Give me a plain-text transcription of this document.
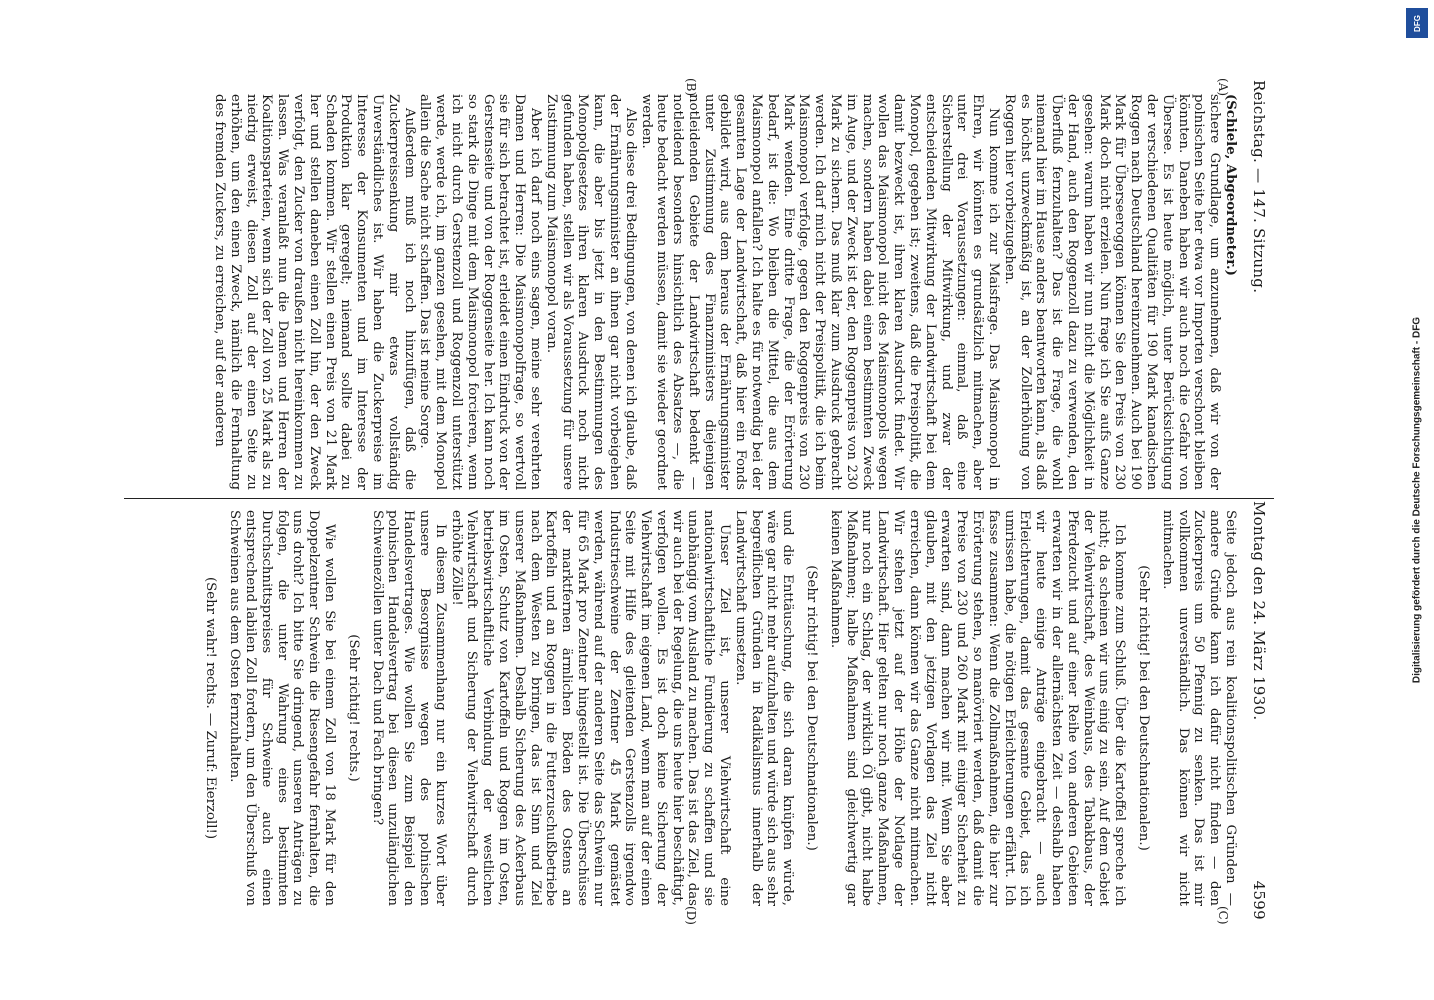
Reichstag. — 147. Sitzung.
Montag den 24. März 1930.  4599
(A)
(B)
(C)
(D)

(Schiele, Abgeordneter.)

sichere Grundlage, um anzunehmen, daß wir von der polnischen Seite her etwa vor Importen verschont bleiben könnten. Daneben haben wir auch noch die Gefahr von Übersee. Es ist heute möglich, unter Berücksichtigung der verschiedenen Qualitäten für 190 Mark kanadischen Roggen nach Deutschland hereinzunehmen. Auch bei 190 Mark für Überseeroggen können Sie den Preis von 230 Mark doch nicht erzielen. Nun frage ich Sie aufs Ganze gesehen: warum haben wir nun nicht die Möglichkeit in der Hand, auch den Roggenzoll dazu zu verwenden, den Überfluß fernzuhalten? Das ist die Frage, die wohl niemand hier im Hause anders beantworten kann, als daß es höchst unzweckmäßig ist, an der Zollerhöhung von Roggen hier vorbeizugehen.

Nun komme ich zur Maisfrage. Das Maismonopol in Ehren, wir könnten es grundsätzlich mitmachen, aber unter drei Voraussetzungen: einmal, daß eine Sicherstellung der Mitwirkung, und zwar der entscheidenden Mitwirkung der Landwirtschaft bei dem Monopol, gegeben ist; zweitens, daß die Preispolitik, die damit bezweckt ist, ihren klaren Ausdruck findet. Wir wollen das Maismonopol nicht des Maismonopols wegen machen, sondern haben dabei einen bestimmten Zweck im Auge, und der Zweck ist der, den Roggenpreis von 230 Mark zu sichern. Das muß klar zum Ausdruck gebracht werden. Ich darf mich nicht der Preispolitik, die ich beim Maismonopol verfolge, gegen den Roggenpreis von 230 Mark wenden. Eine dritte Frage, die der Erörterung bedarf, ist die: Wo bleiben die Mittel, die aus dem Maismonopol anfallen? Ich halte es für notwendig bei der gesamten Lage der Landwirtschaft, daß hier ein Fonds gebildet wird, aus dem heraus der Ernährungsminister unter Zustimmung des Finanzministers diejenigen notleidenden Gebiete der Landwirtschaft bedenkt — notleidend besonders hinsichtlich des Absatzes —, die heute bedacht werden müssen, damit sie wieder geordnet werden.

Also diese drei Bedingungen, von denen ich glaube, daß der Ernährungsminister an ihnen gar nicht vorbeigehen kann, die aber bis jetzt in den Bestimmungen des Monopolgesetzes ihren klaren Ausdruck noch nicht gefunden haben, stellen wir als Voraussetzung für unsere Zustimmung zum Maismonopol voran.

Aber ich darf noch eins sagen, meine sehr verehrten Damen und Herren: Die Maismonopolfrage, so wertvoll sie für sich betrachtet ist, erleidet einen Eindruck von der Gerstenseite und von der Roggenseite her. Ich kann noch so stark die Dinge mit dem Maismonopol forcieren, wenn ich nicht durch Gerstenzoll und Roggenzoll unterstützt werde, werde ich, im ganzen gesehen, mit dem Monopol allein die Sache nicht schaffen. Das ist meine Sorge.

Außerdem muß ich noch hinzufügen, daß die Zuckerpreissenkung mir etwas vollständig Unverständliches ist. Wir haben die Zuckerpreise im Interesse der Konsumenten und im Interesse der Produktion klar geregelt; niemand sollte dabei zu Schaden kommen. Wir stellen einen Preis von 21 Mark her und stellen daneben einen Zoll hin, der den Zweck verfolgt, den Zucker von draußen nicht hereinkommen zu lassen. Was veranlaßt nun die Damen und Herren der Koalitionsparteien, wenn sich der Zoll von 25 Mark als zu niedrig erweist, diesen Zoll auf der einen Seite zu erhöhen, um den einen Zweck, nämlich die Fernhaltung des fremden Zuckers, zu erreichen, auf der anderen

Seite jedoch aus rein koalitionspolitischen Gründen — andere Gründe kann ich dafür nicht finden — den Zuckerpreis um 50 Pfennig zu senken. Das ist mir vollkommen unverständlich. Das können wir nicht mitmachen.

(Sehr richtig! bei den Deutschnationalen.)

Ich komme zum Schluß. Über die Kartoffel spreche ich nicht; da scheinen wir uns einig zu sein. Auf dem Gebiet der Viehwirtschaft, des Weinbaus, des Tabakbaus, der Pferdezucht und auf einer Reihe von anderen Gebieten erwarten wir in der allernächsten Zeit — deshalb haben wir heute einige Anträge eingebracht — auch Erleichterungen, damit das gesamte Gebiet, das ich umrissen habe, die nötigen Erleichterungen erfährt. Ich fasse zusammen: Wenn die Zollmaßnahmen, die hier zur Erörterung stehen, so manövriert werden, daß damit die Preise von 230 und 260 Mark mit einiger Sicherheit zu erwarten sind, dann machen wir mit. Wenn Sie aber glauben, mit den jetzigen Vorlagen das Ziel nicht erreichen, dann können wir das Ganze nicht mitmachen. Wir stehen jetzt auf der Höhe der Notlage der Landwirtschaft. Hier gelten nur noch ganze Maßnahmen, nur noch ein Schlag, der wirklich Öl gibt, nicht halbe Maßnahmen; halbe Maßnahmen sind gleichwertig gar keinen Maßnahmen.

(Sehr richtig! bei den Deutschnationalen.)

und die Enttäuschung, die sich daran knüpfen würde, wäre gar nicht mehr aufzuhalten und würde sich aus sehr begreiflichen Gründen in Radikalismus innerhalb der Landwirtschaft umsetzen.

Unser Ziel ist, unserer Viehwirtschaft eine nationalwirtschaftliche Fundierung zu schaffen und sie unabhängig vom Ausland zu machen. Das ist das Ziel, das wir auch bei der Regelung, die uns heute hier beschäftigt, verfolgen wollen. Es ist doch keine Sicherung der Viehwirtschaft im eigenen Land, wenn man auf der einen Seite mit Hilfe des gleitenden Gerstenzolls irgendwo Industrieschweine der Zentner 45 Mark gemästet werden, während auf der anderen Seite das Schwein nur für 65 Mark pro Zentner hingestellt ist. Die Überschüsse der marktfernen ärmlichen Böden des Ostens an Kartoffeln und an Roggen in die Futterzuschußbetriebe nach dem Westen zu bringen, das ist Sinn und Ziel unserer Maßnahmen. Deshalb Sicherung des Ackerbaus im Osten, Schutz von Kartoffeln und Roggen im Osten, betriebswirtschaftliche Verbindung der westlichen Viehwirtschaft und Sicherung der Viehwirtschaft durch erhöhte Zölle!

In diesem Zusammenhang nur ein kurzes Wort über unsere Besorgnisse wegen des polnischen Handelsvertrages. Wie wollen Sie zum Beispiel den polnischen Handelsvertrag bei diesen unzulänglichen Schweinezöllen unter Dach und Fach bringen?

(Sehr richtig! rechts.)

Wie wollen Sie bei einem Zoll von 18 Mark für den Doppelzentner Schwein die Riesengefahr fernhalten, die uns droht? Ich bitte Sie dringend, unseren Anträgen zu folgen, die unter Wahrung eines bestimmten Durchschnittspreises für Schweine auch einen entsprechend labilen Zoll fordern, um den Überschuß von Schweinen aus dem Osten fernzuhalten.

(Sehr wahr! rechts. — Zuruf: Eierzoll!)

DFG
Digitalisierung gefördert durch die Deutsche Forschungsgemeinschaft - DFG
